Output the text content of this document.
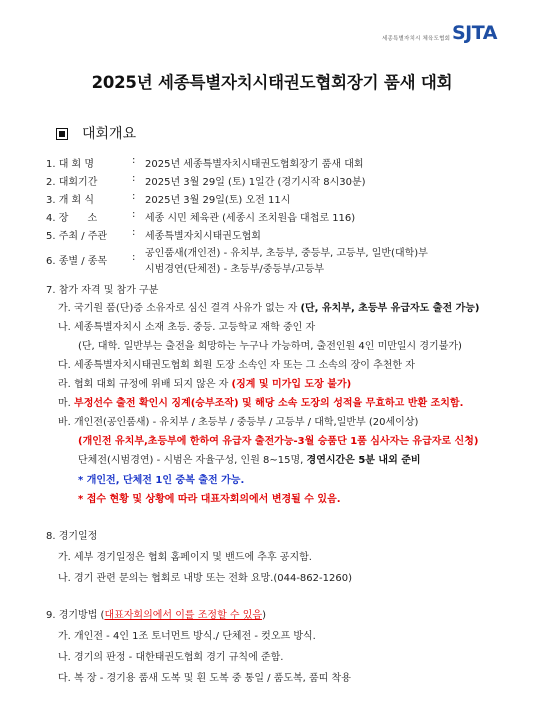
세종특별자치시 체육도협회 SJTA
2025년 세종특별자치시태권도협회장기 품새 대회
대회개요
1. 대 회 명	: 2025년 세종특별자치시태권도협회장기 품새 대회
2. 대회기간	: 2025년 3월 29일 (토) 1일간 (경기시작 8시30분)
3. 개 회 식	: 2025년 3월 29일(토) 오전 11시
4. 장      소	: 세종 시민 체육관 (세종시 조치원읍 대첩로 116)
5. 주최 / 주관 : 세종특별자치시태권도협회
6. 종별 / 종목 : 공인품새(개인전) - 유치부, 초등부, 중등부, 고등부, 일반(대학)부
시범경연(단체전) - 초등부/중등부/고등부
7. 참가 자격 및 참가 구분
가. 국기원 품(단)증 소유자로 심신 결격 사유가 없는 자 (단, 유치부, 초등부 유급자도 출전 가능)
나. 세종특별자치시 소재 초등. 중등. 고등학교 재학 중인 자
(단, 대학. 일반부는 출전을 희망하는 누구나 가능하며, 출전인원 4인 미만일시 경기불가)
다. 세종특별자치시태권도협회 회원 도장 소속인 자 또는 그 소속의 장이 추천한 자
라. 협회 대회 규정에 위배 되지 않은 자 (징계 및 미가입 도장 불가)
마. 부정선수 출전 확인시 징계(승부조작) 및 해당 소속 도장의 성적을 무효하고 반환 조치함.
바. 개인전(공인품새) - 유치부 / 초등부 / 중등부 / 고등부 / 대학,일반부 (20세이상)
(개인전 유치부,초등부에 한하여 유급자 출전가능-3월 승품단 1품 심사자는 유급자로 신청)
단체전(시범경연) - 시범은 자율구성, 인원 8~15명, 경연시간은 5분 내외 준비
* 개인전, 단체전 1인 중복 출전 가능.
* 접수 현황 및 상황에 따라 대표자회의에서 변경될 수 있음.
8. 경기일정
가. 세부 경기일정은 협회 홈페이지 및 밴드에 추후 공지함.
나. 경기 관련 문의는 협회로 내방 또는 전화 요망.(044-862-1260)
9. 경기방법 (대표자회의에서 이를 조정할 수 있음)
가. 개인전 - 4인 1조 토너먼트 방식./ 단체전 - 컷오프 방식.
나. 경기의 판정 - 대한태권도협회 경기 규칙에 준함.
다. 복 장 - 경기용 품새 도복 및 흰 도복 중 통일 / 품도복, 품띠 착용
